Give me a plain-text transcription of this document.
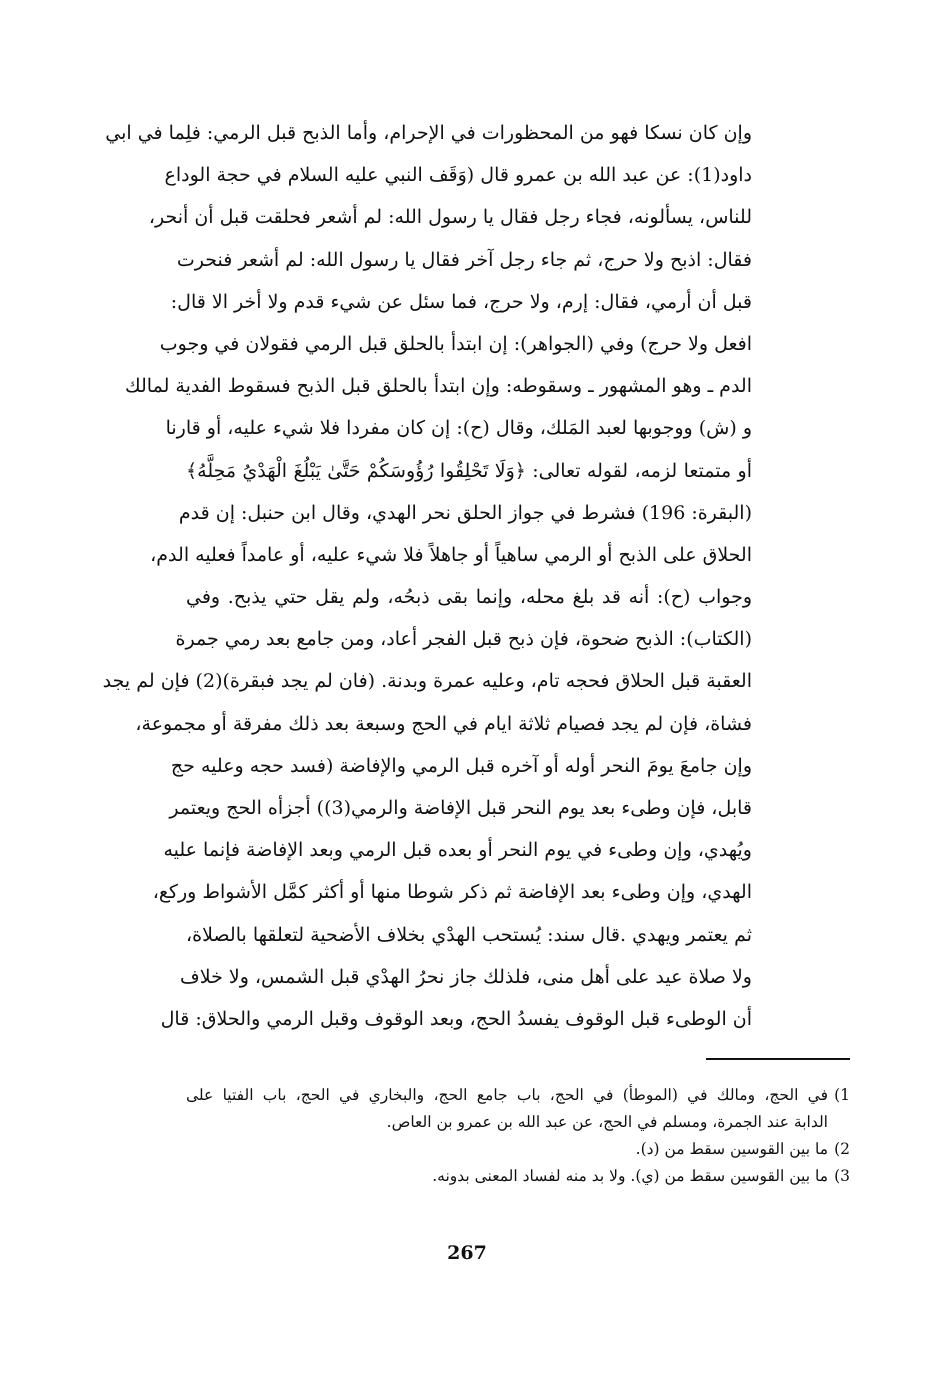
وإن كان نسكا فهو من المحظورات في الإحرام، وأما الذبح قبل الرمي: فلِما في ابي
داود(1): عن عبد الله بن عمرو قال (وَقَف النبي عليه السلام في حجة الوداع
للناس، يسألونه، فجاء رجل فقال يا رسول الله: لم أشعر فحلقت قبل أن أنحر،
فقال: اذبح ولا حرج، ثم جاء رجل آخر فقال يا رسول الله: لم أشعر فنحرت
قبل أن أرمي، فقال: إرم، ولا حرج، فما سئل عن شيء قدم ولا أخر الا قال:
افعل ولا حرج) وفي (الجواهر): إن ابتدأ بالحلق قبل الرمي فقولان في وجوب
الدم ـ وهو المشهور ـ وسقوطه: وإن ابتدأ بالحلق قبل الذبح فسقوط الفدية لمالك
و (ش) ووجوبها لعبد المَلك، وقال (ح): إن كان مفردا فلا شيء عليه، أو قارنا
أو متمتعا لزمه، لقوله تعالى: ﴿وَلَا تَحْلِقُوا رُؤُوسَكُمْ حَتَّىٰ يَبْلُغَ الْهَدْيُ مَحِلَّهُ﴾
(البقرة: 196) فشرط في جواز الحلق نحر الهدي، وقال ابن حنبل: إن قدم
الحلاق على الذبح أو الرمي ساهياً أو جاهلاً فلا شيء عليه، أو عامداً فعليه الدم،
وجواب (ح): أنه قد بلغ محله، وإنما بقى ذبحُه، ولم يقل حتي يذبح. وفي
(الكتاب): الذبح ضحوة، فإن ذبح قبل الفجر أعاد، ومن جامع بعد رمي جمرة
العقبة قبل الحلاق فحجه تام، وعليه عمرة وبدنة. (فان لم يجد فبقرة)(2) فإن لم يجد
فشاة، فإن لم يجد فصيام ثلاثة ايام في الحج وسبعة بعد ذلك مفرقة أو مجموعة،
وإن جامعَ يومَ النحر أوله أو آخره قبل الرمي والإفاضة (فسد حجه وعليه حج
قابل، فإن وطىء بعد يوم النحر قبل الإفاضة والرمي(3)) أجزأه الحج ويعتمر
ويُهدي، وإن وطىء في يوم النحر أو بعده قبل الرمي وبعد الإفاضة فإنما عليه
الهدي، وإن وطىء بعد الإفاضة ثم ذكر شوطا منها أو أكثر كمَّل الأشواط وركع،
ثم يعتمر ويهدي .قال سند: يُستحب الهدْي بخلاف الأضحية لتعلقها بالصلاة،
ولا صلاة عيد على أهل منى، فلذلك جاز نحرُ الهدْي قبل الشمس، ولا خلاف
أن الوطىء قبل الوقوف يفسدُ الحج، وبعد الوقوف وقبل الرمي والحلاق: قال
1)
في الحج، ومالك في (الموطأ) في الحج، باب جامع الحج، والبخاري في الحج، باب الفتيا على
الدابة عند الجمرة، ومسلم في الحج، عن عبد الله بن عمرو بن العاص.
2)
ما بين القوسين سقط من (د).
3)
ما بين القوسين سقط من (ي). ولا بد منه لفساد المعنى بدونه.
267
